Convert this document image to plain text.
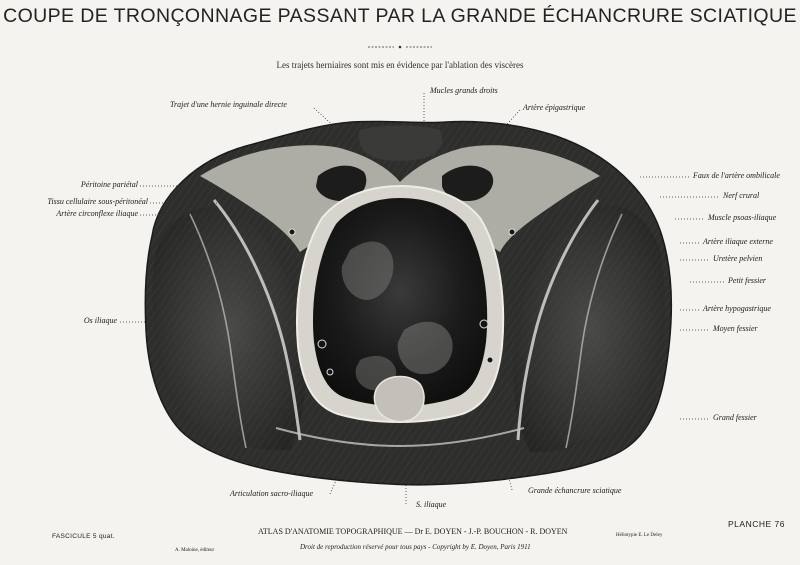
COUPE DE TRONÇONNAGE PASSANT PAR LA GRANDE ÉCHANCRURE SCIATIQUE
Les trajets herniaires sont mis en évidence par l'ablation des viscères
Trajet d'une hernie inguinale directe
Mucles grands droits
Artère épigastrique
Péritoine pariétal
Tissu cellulaire sous-péritonéal
Artère circonflexe iliaque
Os iliaque
Articulation sacro-iliaque
S. iliaque
Grande échancrure sciatique
Faux de l'artère ombilicale
Nerf crural
Muscle psoas-iliaque
Artère iliaque externe
Uretère pelvien
Petit fessier
Artère hypogastrique
Moyen fessier
Grand fessier
FASCICULE 5 quat.
ATLAS D'ANATOMIE TOPOGRAPHIQUE — Dr E. DOYEN - J.-P. BOUCHON - R. DOYEN
PLANCHE 76
A. Maloine, éditeur	Droit de reproduction réservé pour tous pays - Copyright by E. Doyen, Paris 1911
Héliotypie E. Le Deley
